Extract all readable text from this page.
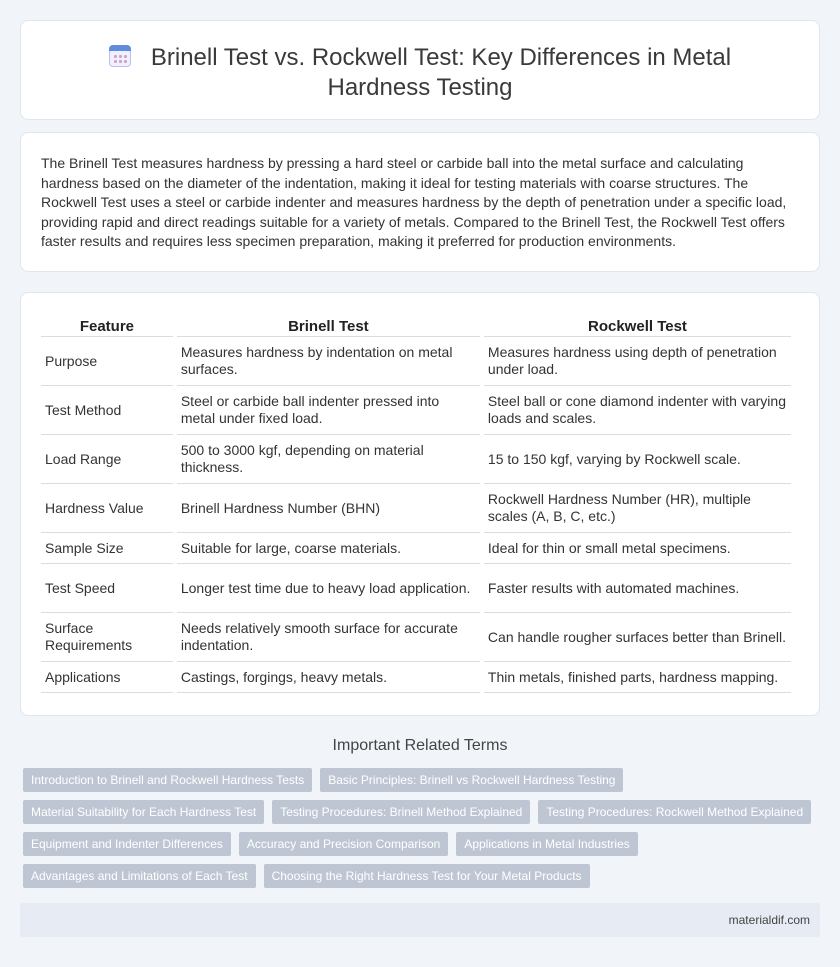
Brinell Test vs. Rockwell Test: Key Differences in Metal Hardness Testing

The Brinell Test measures hardness by pressing a hard steel or carbide ball into the metal surface and calculating hardness based on the diameter of the indentation, making it ideal for testing materials with coarse structures. The Rockwell Test uses a steel or carbide indenter and measures hardness by the depth of penetration under a specific load, providing rapid and direct readings suitable for a variety of metals. Compared to the Brinell Test, the Rockwell Test offers faster results and requires less specimen preparation, making it preferred for production environments.

Feature	Brinell Test	Rockwell Test
Purpose	Measures hardness by indentation on metal surfaces.	Measures hardness using depth of penetration under load.
Test Method	Steel or carbide ball indenter pressed into metal under fixed load.	Steel ball or cone diamond indenter with varying loads and scales.
Load Range	500 to 3000 kgf, depending on material thickness.	15 to 150 kgf, varying by Rockwell scale.
Hardness Value	Brinell Hardness Number (BHN)	Rockwell Hardness Number (HR), multiple scales (A, B, C, etc.)
Sample Size	Suitable for large, coarse materials.	Ideal for thin or small metal specimens.
Test Speed	Longer test time due to heavy load application.	Faster results with automated machines.
Surface Requirements	Needs relatively smooth surface for accurate indentation.	Can handle rougher surfaces better than Brinell.
Applications	Castings, forgings, heavy metals.	Thin metals, finished parts, hardness mapping.
Important Related Terms
Introduction to Brinell and Rockwell Hardness Tests	Basic Principles: Brinell vs Rockwell Hardness Testing
Material Suitability for Each Hardness Test	Testing Procedures: Brinell Method Explained	Testing Procedures: Rockwell Method Explained
Equipment and Indenter Differences	Accuracy and Precision Comparison	Applications in Metal Industries
Advantages and Limitations of Each Test	Choosing the Right Hardness Test for Your Metal Products
materialdif.com
